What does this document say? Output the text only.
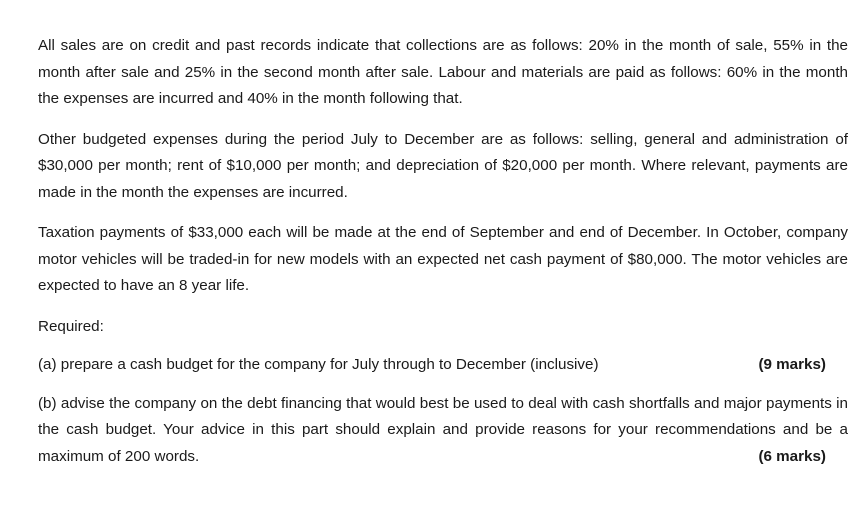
All sales are on credit and past records indicate that collections are as follows: 20% in the month of sale, 55% in the month after sale and 25% in the second month after sale. Labour and materials are paid as follows: 60% in the month the expenses are incurred and 40% in the month following that.

Other budgeted expenses during the period July to December are as follows: selling, general and administration of $30,000 per month; rent of $10,000 per month; and depreciation of $20,000 per month. Where relevant, payments are made in the month the expenses are incurred.

Taxation payments of $33,000 each will be made at the end of September and end of December. In October, company motor vehicles will be traded-in for new models with an expected net cash payment of $80,000. The motor vehicles are expected to have an 8 year life.

Required:

(a) prepare a cash budget for the company for July through to December (inclusive)	(9 marks)
(b) advise the company on the debt financing that would best be used to deal with cash shortfalls and major payments in the cash budget. Your advice in this part should explain and provide reasons for your recommendations and be a maximum of 200 words.	(6 marks)
